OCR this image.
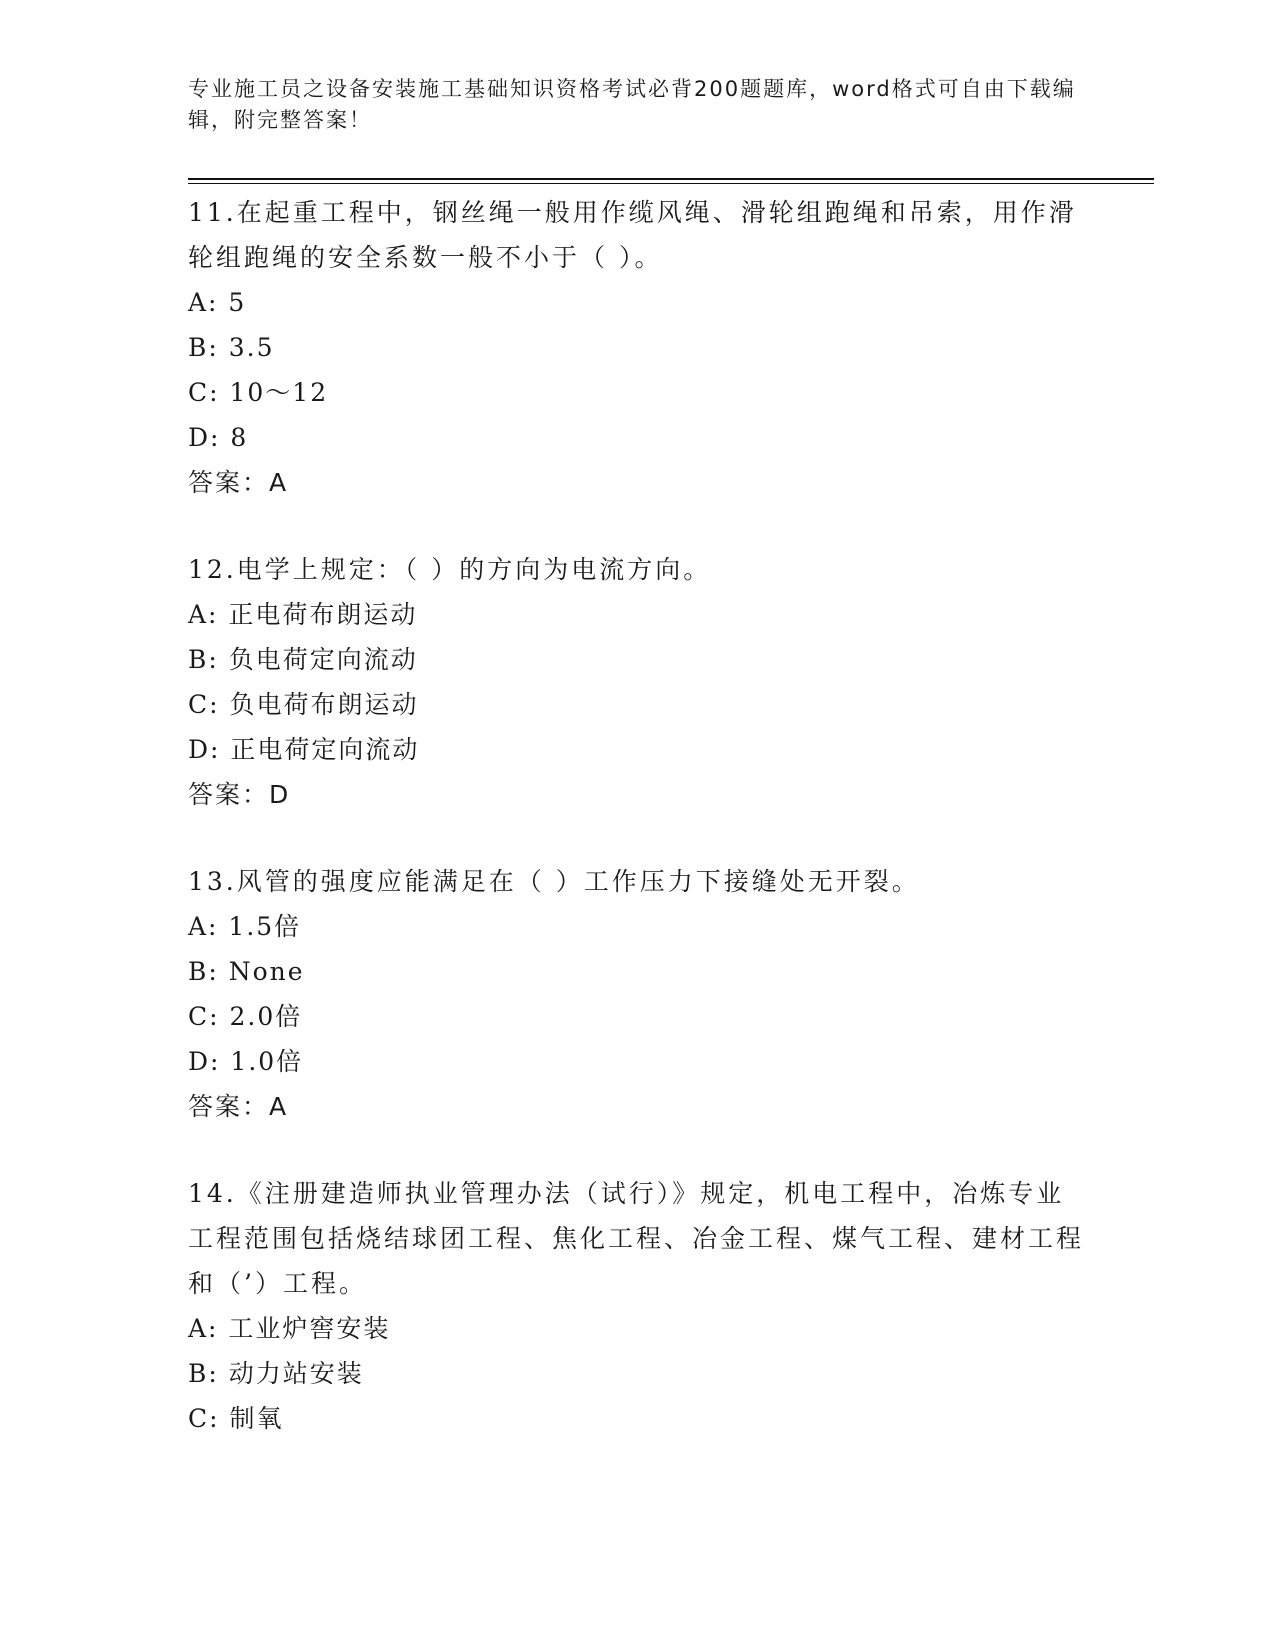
专业施工员之设备安装施工基础知识资格考试必背200题题库，word格式可自由下载编辑，附完整答案！

11.在起重工程中，钢丝绳一般用作缆风绳、滑轮组跑绳和吊索，用作滑轮组跑绳的安全系数一般不小于（ ）。

A: 5

B: 3.5

C: 10～12

D: 8

答案：A

12.电学上规定：（ ）的方向为电流方向。

A: 正电荷布朗运动

B: 负电荷定向流动

C: 负电荷布朗运动

D: 正电荷定向流动

答案：D

13.风管的强度应能满足在（ ）工作压力下接缝处无开裂。

A: 1.5倍

B: None

C: 2.0倍

D: 1.0倍

答案：A

14.《注册建造师执业管理办法（试行）》规定，机电工程中，冶炼专业工程范围包括烧结球团工程、焦化工程、冶金工程、煤气工程、建材工程和（’）工程。

A: 工业炉窖安装

B: 动力站安装

C: 制氧
